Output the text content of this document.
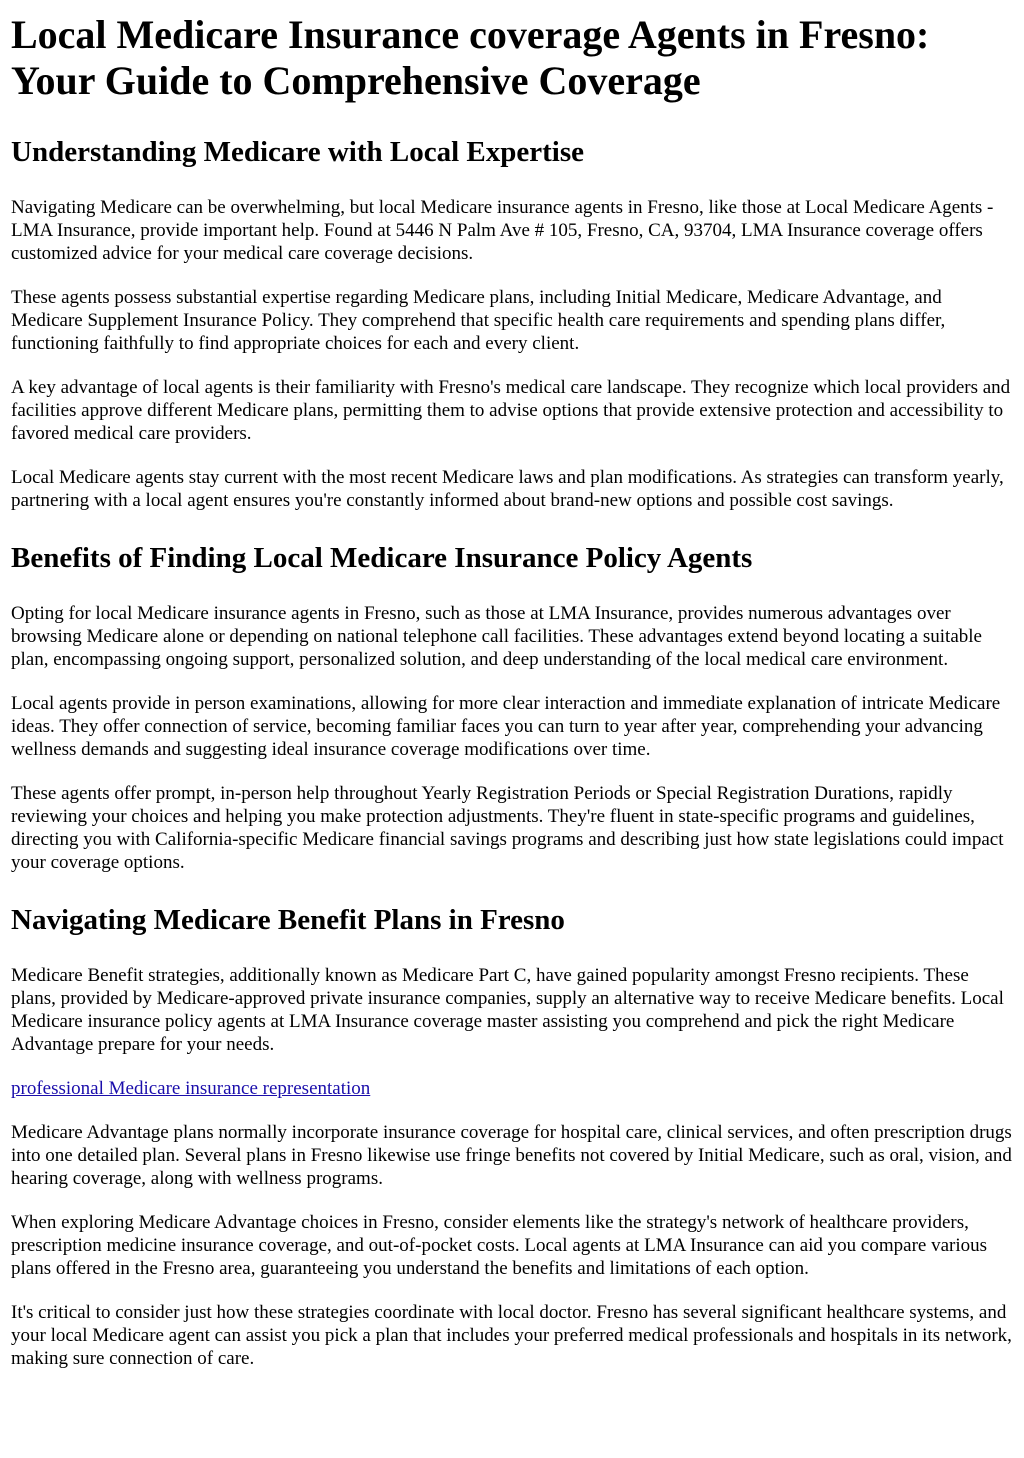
Local Medicare Insurance coverage Agents in Fresno: Your Guide to Comprehensive Coverage
Understanding Medicare with Local Expertise

Navigating Medicare can be overwhelming, but local Medicare insurance agents in Fresno, like those at Local Medicare Agents - LMA Insurance, provide important help. Found at 5446 N Palm Ave # 105, Fresno, CA, 93704, LMA Insurance coverage offers customized advice for your medical care coverage decisions.

These agents possess substantial expertise regarding Medicare plans, including Initial Medicare, Medicare Advantage, and Medicare Supplement Insurance Policy. They comprehend that specific health care requirements and spending plans differ, functioning faithfully to find appropriate choices for each and every client.

A key advantage of local agents is their familiarity with Fresno's medical care landscape. They recognize which local providers and facilities approve different Medicare plans, permitting them to advise options that provide extensive protection and accessibility to favored medical care providers.

Local Medicare agents stay current with the most recent Medicare laws and plan modifications. As strategies can transform yearly, partnering with a local agent ensures you're constantly informed about brand-new options and possible cost savings.

Benefits of Finding Local Medicare Insurance Policy Agents

Opting for local Medicare insurance agents in Fresno, such as those at LMA Insurance, provides numerous advantages over browsing Medicare alone or depending on national telephone call facilities. These advantages extend beyond locating a suitable plan, encompassing ongoing support, personalized solution, and deep understanding of the local medical care environment.

Local agents provide in person examinations, allowing for more clear interaction and immediate explanation of intricate Medicare ideas. They offer connection of service, becoming familiar faces you can turn to year after year, comprehending your advancing wellness demands and suggesting ideal insurance coverage modifications over time.

These agents offer prompt, in-person help throughout Yearly Registration Periods or Special Registration Durations, rapidly reviewing your choices and helping you make protection adjustments. They're fluent in state-specific programs and guidelines, directing you with California-specific Medicare financial savings programs and describing just how state legislations could impact your coverage options.

Navigating Medicare Benefit Plans in Fresno

Medicare Benefit strategies, additionally known as Medicare Part C, have gained popularity amongst Fresno recipients. These plans, provided by Medicare-approved private insurance companies, supply an alternative way to receive Medicare benefits. Local Medicare insurance policy agents at LMA Insurance coverage master assisting you comprehend and pick the right Medicare Advantage prepare for your needs.

professional Medicare insurance representation

Medicare Advantage plans normally incorporate insurance coverage for hospital care, clinical services, and often prescription drugs into one detailed plan. Several plans in Fresno likewise use fringe benefits not covered by Initial Medicare, such as oral, vision, and hearing coverage, along with wellness programs.

When exploring Medicare Advantage choices in Fresno, consider elements like the strategy's network of healthcare providers, prescription medicine insurance coverage, and out-of-pocket costs. Local agents at LMA Insurance can aid you compare various plans offered in the Fresno area, guaranteeing you understand the benefits and limitations of each option.

It's critical to consider just how these strategies coordinate with local doctor. Fresno has several significant healthcare systems, and your local Medicare agent can assist you pick a plan that includes your preferred medical professionals and hospitals in its network, making sure connection of care.
